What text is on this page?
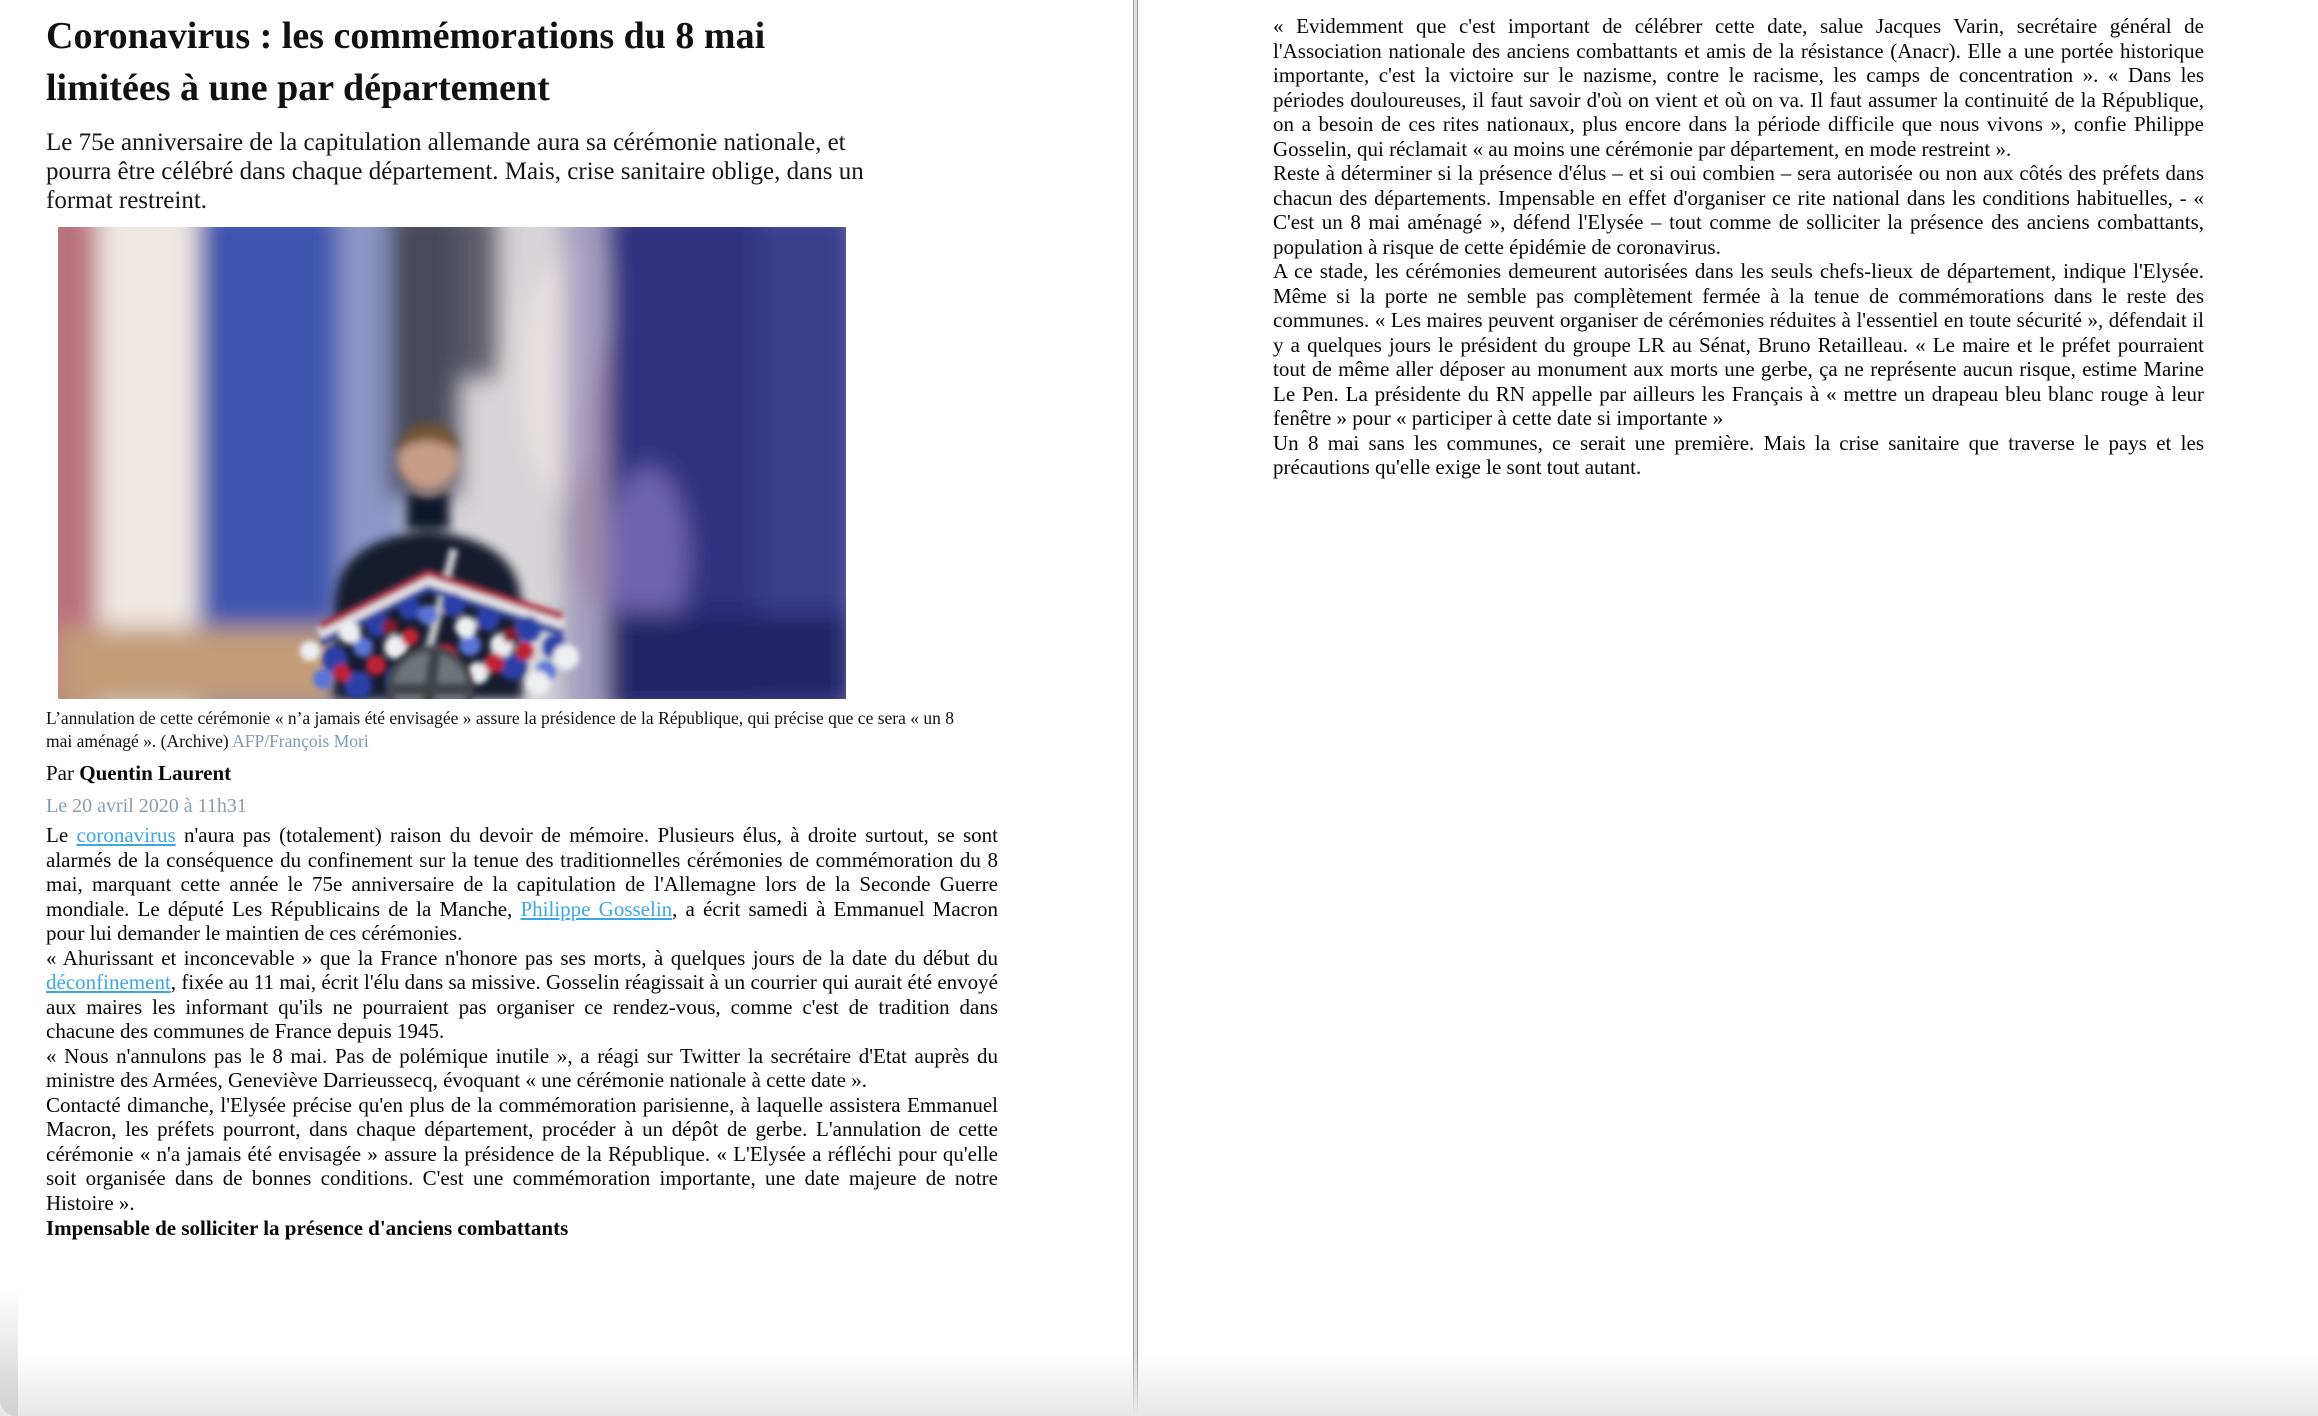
Coronavirus : les commémorations du 8 mai limitées à une par département

Le 75e anniversaire de la capitulation allemande aura sa cérémonie nationale, et pourra être célébré dans chaque département. Mais, crise sanitaire oblige, dans un format restreint.

L’annulation de cette cérémonie « n’a jamais été envisagée » assure la présidence de la République, qui précise que ce sera « un 8 mai aménagé ». (Archive) AFP/François Mori

Par Quentin Laurent

Le 20 avril 2020 à 11h31

Le coronavirus n'aura pas (totalement) raison du devoir de mémoire. Plusieurs élus, à droite surtout, se sont alarmés de la conséquence du confinement sur la tenue des traditionnelles cérémonies de commémoration du 8 mai, marquant cette année le 75e anniversaire de la capitulation de l'Allemagne lors de la Seconde Guerre mondiale. Le député Les Républicains de la Manche, Philippe Gosselin, a écrit samedi à Emmanuel Macron pour lui demander le maintien de ces cérémonies.

« Ahurissant et inconcevable » que la France n'honore pas ses morts, à quelques jours de la date du début du déconfinement, fixée au 11 mai, écrit l'élu dans sa missive. Gosselin réagissait à un courrier qui aurait été envoyé aux maires les informant qu'ils ne pourraient pas organiser ce rendez-vous, comme c'est de tradition dans chacune des communes de France depuis 1945.

« Nous n'annulons pas le 8 mai. Pas de polémique inutile », a réagi sur Twitter la secrétaire d'Etat auprès du ministre des Armées, Geneviève Darrieussecq, évoquant « une cérémonie nationale à cette date ».

Contacté dimanche, l'Elysée précise qu'en plus de la commémoration parisienne, à laquelle assistera Emmanuel Macron, les préfets pourront, dans chaque département, procéder à un dépôt de gerbe. L'annulation de cette cérémonie « n'a jamais été envisagée » assure la présidence de la République. « L'Elysée a réfléchi pour qu'elle soit organisée dans de bonnes conditions. C'est une commémoration importante, une date majeure de notre Histoire ».

Impensable de solliciter la présence d'anciens combattants

« Evidemment que c'est important de célébrer cette date, salue Jacques Varin, secrétaire général de l'Association nationale des anciens combattants et amis de la résistance (Anacr). Elle a une portée historique importante, c'est la victoire sur le nazisme, contre le racisme, les camps de concentration ». « Dans les périodes douloureuses, il faut savoir d'où on vient et où on va. Il faut assumer la continuité de la République, on a besoin de ces rites nationaux, plus encore dans la période difficile que nous vivons », confie Philippe Gosselin, qui réclamait « au moins une cérémonie par département, en mode restreint ».

Reste à déterminer si la présence d'élus – et si oui combien – sera autorisée ou non aux côtés des préfets dans chacun des départements. Impensable en effet d'organiser ce rite national dans les conditions habituelles, - « C'est un 8 mai aménagé », défend l'Elysée – tout comme de solliciter la présence des anciens combattants, population à risque de cette épidémie de coronavirus.

A ce stade, les cérémonies demeurent autorisées dans les seuls chefs-lieux de département, indique l'Elysée. Même si la porte ne semble pas complètement fermée à la tenue de commémorations dans le reste des communes. « Les maires peuvent organiser de cérémonies réduites à l'essentiel en toute sécurité », défendait il y a quelques jours le président du groupe LR au Sénat, Bruno Retailleau. « Le maire et le préfet pourraient tout de même aller déposer au monument aux morts une gerbe, ça ne représente aucun risque, estime Marine Le Pen. La présidente du RN appelle par ailleurs les Français à « mettre un drapeau bleu blanc rouge à leur fenêtre » pour « participer à cette date si importante »

Un 8 mai sans les communes, ce serait une première. Mais la crise sanitaire que traverse le pays et les précautions qu'elle exige le sont tout autant.
